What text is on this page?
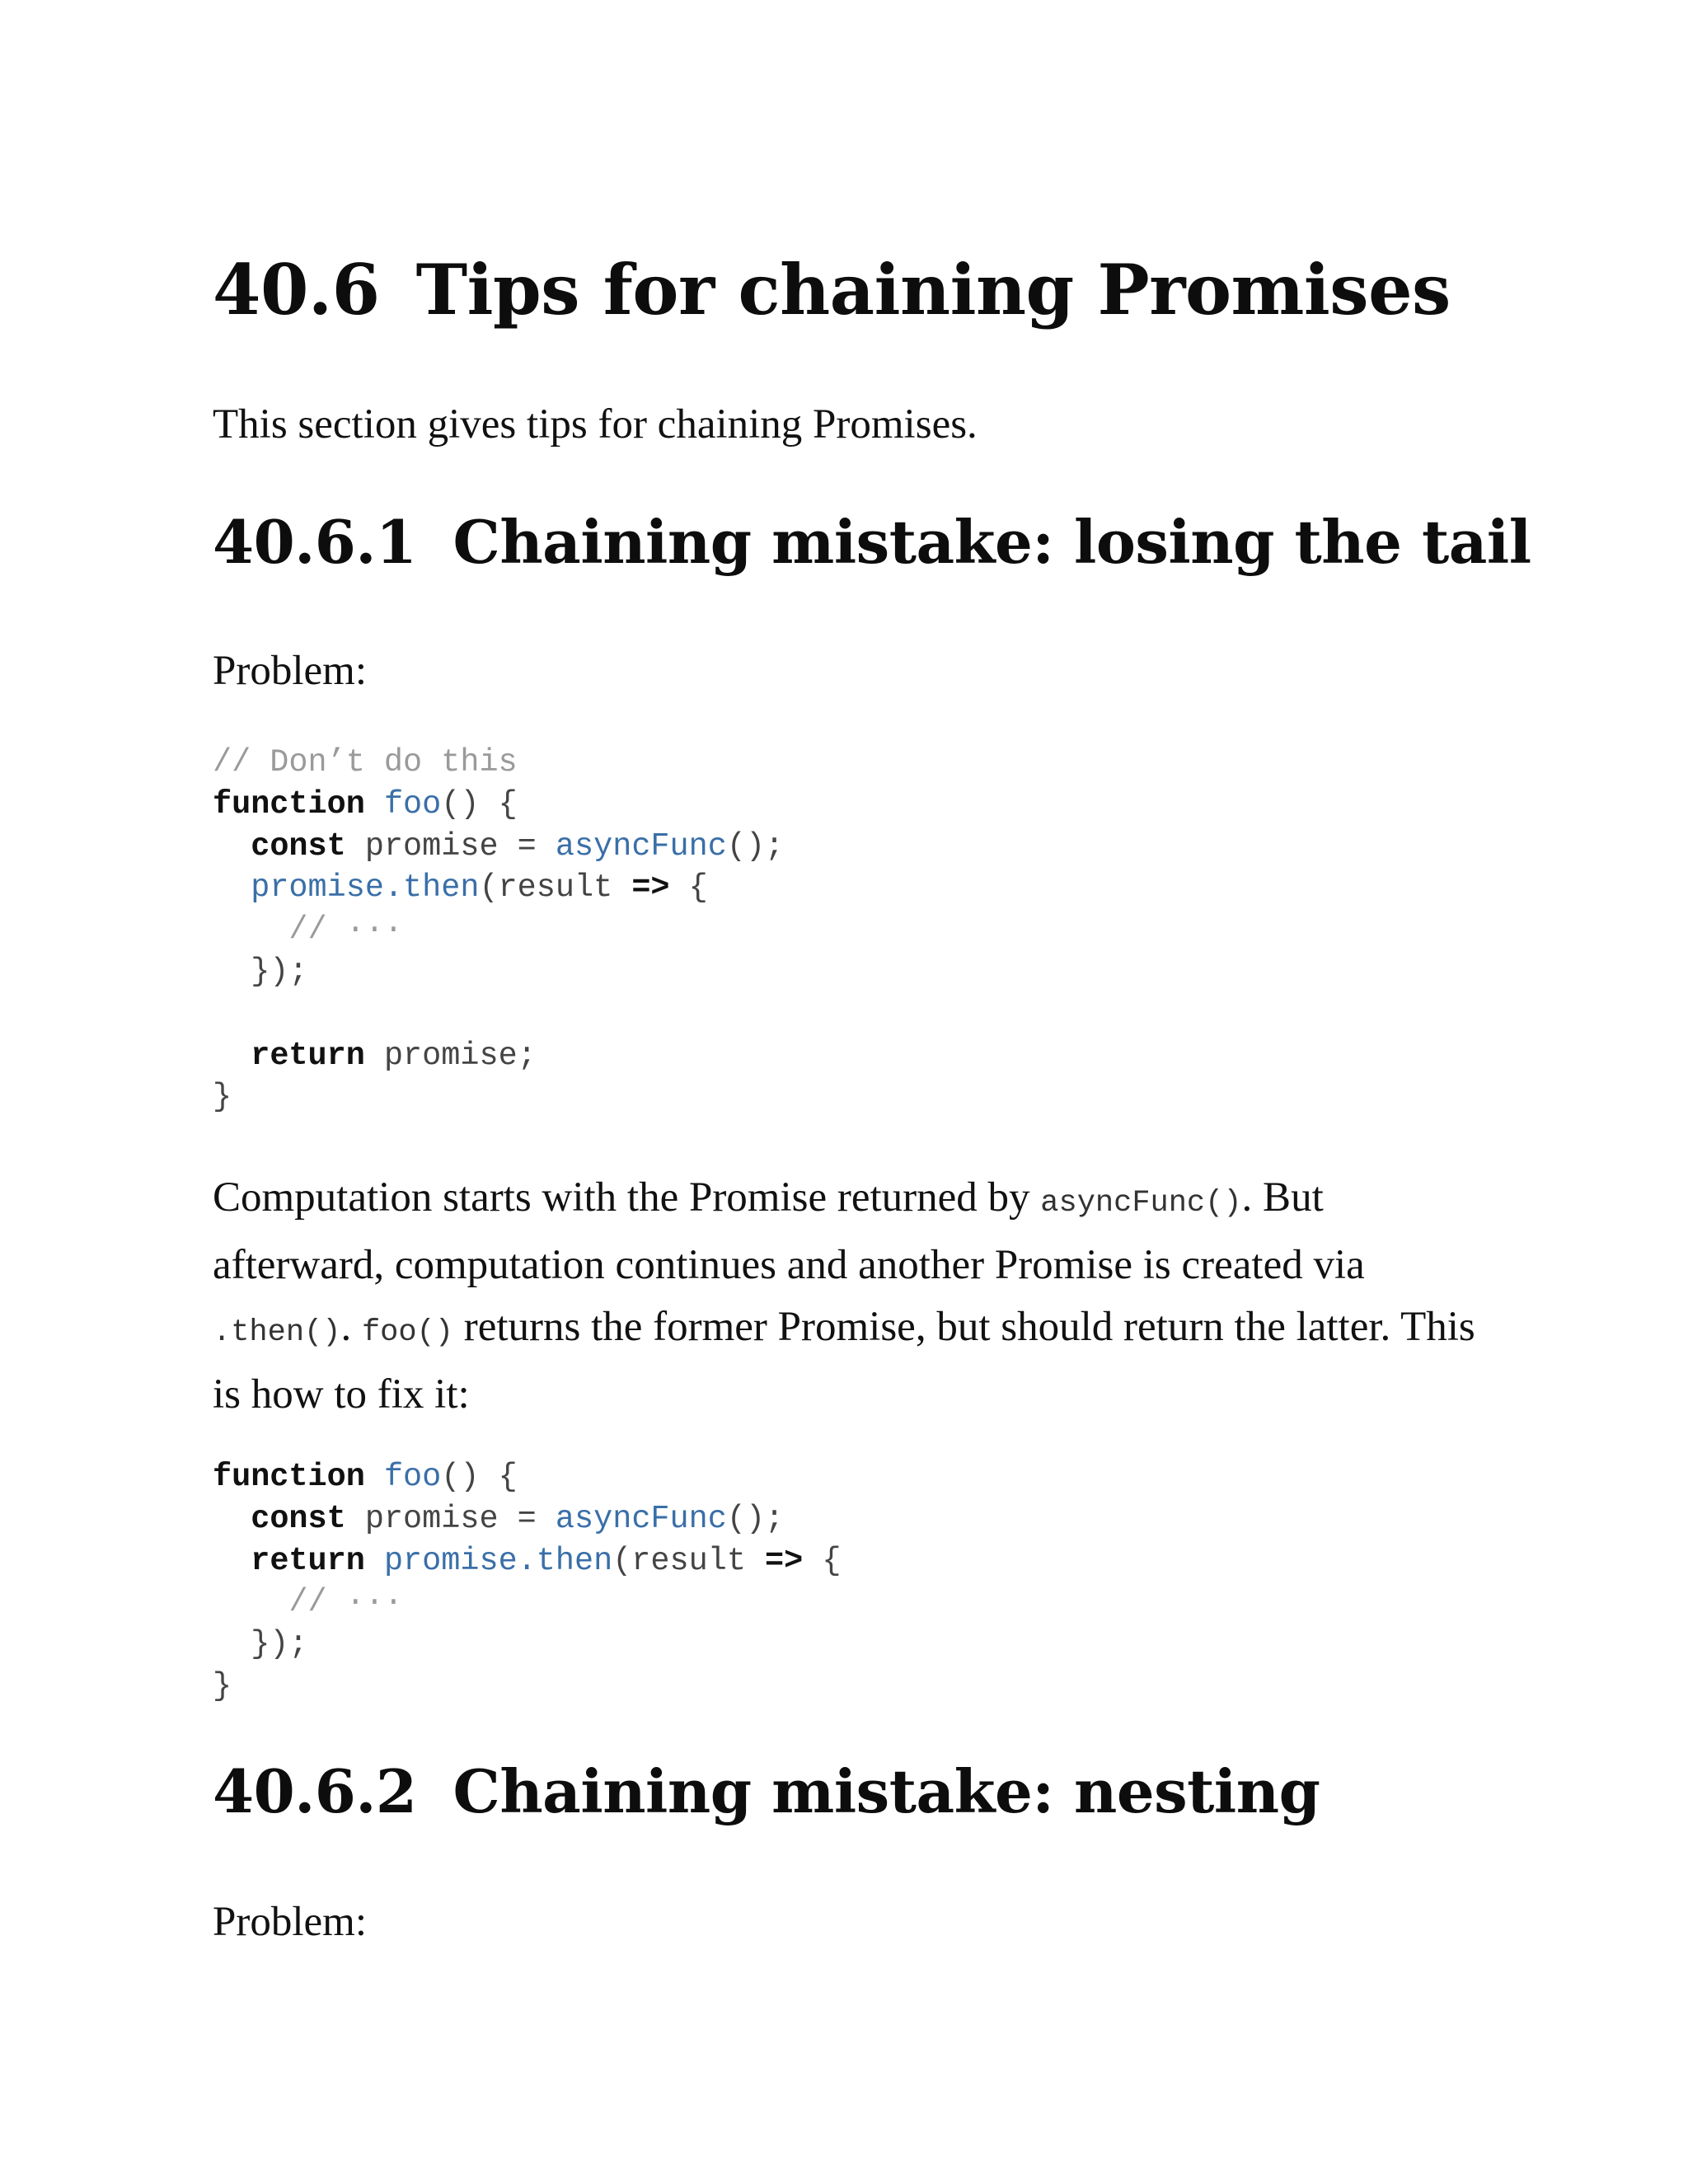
40.6 Tips for chaining Promises

This section gives tips for chaining Promises.

40.6.1 Chaining mistake: losing the tail

Problem:

// Don’t do this
function foo() {
const promise = asyncFunc();
promise.then(result => {
// ···
});
return promise;
}

Computation starts with the Promise returned by asyncFunc(). But afterward, computation continues and another Promise is created via .then(). foo() returns the former Promise, but should return the latter. This is how to fix it:

function foo() {
const promise = asyncFunc();
return promise.then(result => {
// ···
});
}
40.6.2 Chaining mistake: nesting

Problem:
